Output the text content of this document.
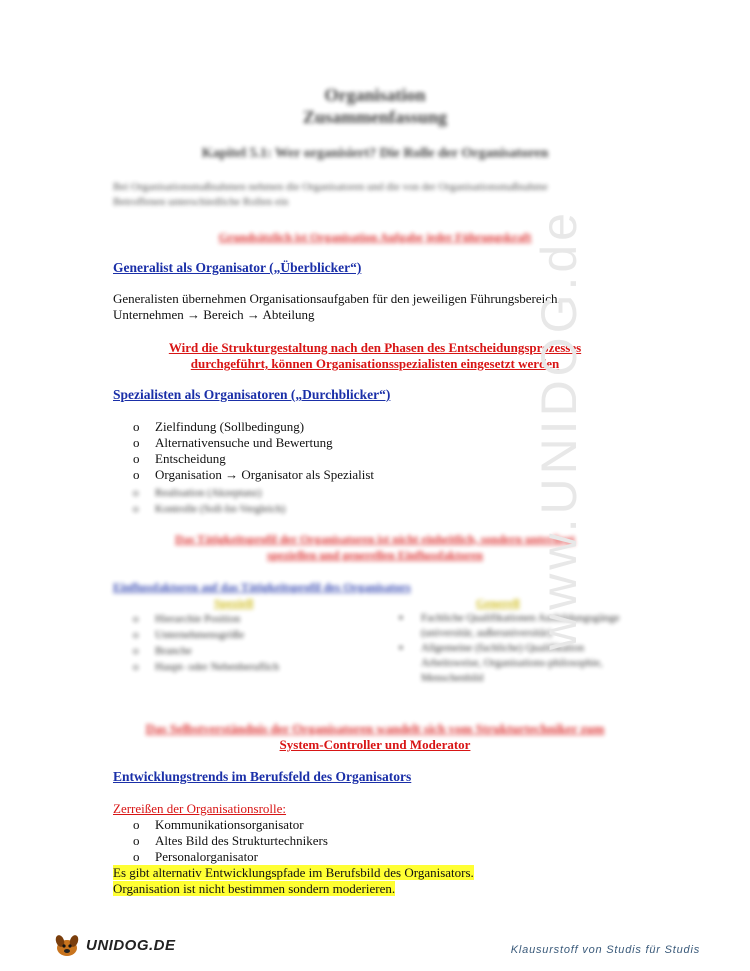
Organisation
Zusammenfassung
Kapitel 5.1: Wer organisiert? Die Rolle der Organisatoren
Bei Organisationsmaßnahmen nehmen die Organisatoren und die von der Organisationsmaßnahme Betroffenen unterschiedliche Rollen ein
Grundsätzlich ist Organisation Aufgabe jeder Führungskraft
Generalist als Organisator („Überblicker“)
Generalisten übernehmen Organisationsaufgaben für den jeweiligen Führungsbereich.
Unternehmen → Bereich → Abteilung
Wird die Strukturgestaltung nach den Phasen des Entscheidungsprozesses
durchgeführt, können Organisationsspezialisten eingesetzt werden
Spezialisten als Organisatoren („Durchblicker“)
o Zielfindung (Sollbedingung)
o Alternativensuche und Bewertung
o Entscheidung
o Organisation → Organisator als Spezialist
o Realisation (Akzeptanz)
o Kontrolle (Soll-Ist-Vergleich)
Das Tätigkeitsprofil der Organisatoren ist nicht einheitlich, sondern unterliegt
speziellen und generellen Einflussfaktoren
Einflussfaktoren auf das Tätigkeitsprofil des Organisators
Speziell	Generell
o Hierarchie Position
o Unternehmensgröße
o Branche
o Haupt- oder Nebenberuflich
▪ Fachliche Qualifikationen Ausbildungsgänge (universitär, außeruniversitär)
▪ Allgemeine (fachliche) Qualifikation Arbeitsweise, Organisations-philosophie, Menschenbild
Das Selbstverständnis der Organisatoren wandelt sich vom Strukturtechniker zum
System-Controller und Moderator
Entwicklungstrends im Berufsfeld des Organisators
Zerreißen der Organisationsrolle:
o Kommunikationsorganisator
o Altes Bild des Strukturtechnikers
o Personalorganisator
Es gibt alternativ Entwicklungspfade im Berufsbild des Organisators.
Organisation ist nicht bestimmen sondern moderieren.
www.UNIDOG.de
UNIDOG.DE	Klausurstoff von Studis für Studis
